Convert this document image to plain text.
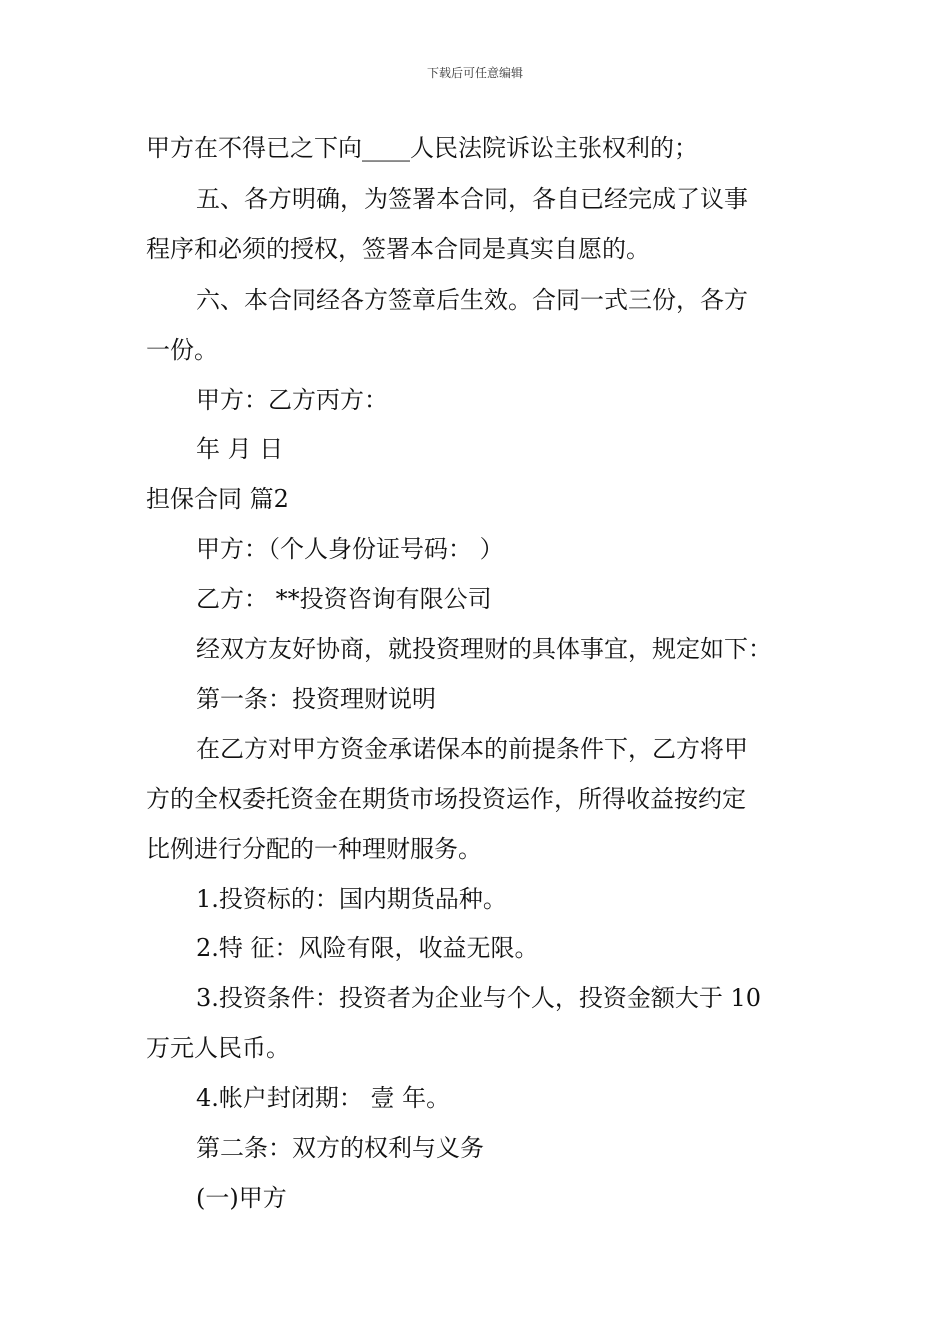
下载后可任意编辑
甲方在不得已之下向____人民法院诉讼主张权利的；
五、各方明确，为签署本合同，各自已经完成了议事
程序和必须的授权，签署本合同是真实自愿的。
六、本合同经各方签章后生效。合同一式三份，各方
一份。
甲方：乙方丙方：
年 月 日
担保合同 篇2
甲方：（个人身份证号码： ）
乙方： **投资咨询有限公司
经双方友好协商，就投资理财的具体事宜，规定如下：
第一条：投资理财说明
在乙方对甲方资金承诺保本的前提条件下，乙方将甲
方的全权委托资金在期货市场投资运作，所得收益按约定
比例进行分配的一种理财服务。
1.投资标的：国内期货品种。
2.特 征：风险有限，收益无限。
3.投资条件：投资者为企业与个人，投资金额大于 10
万元人民币。
4.帐户封闭期： 壹 年。
第二条：双方的权利与义务
(一)甲方
